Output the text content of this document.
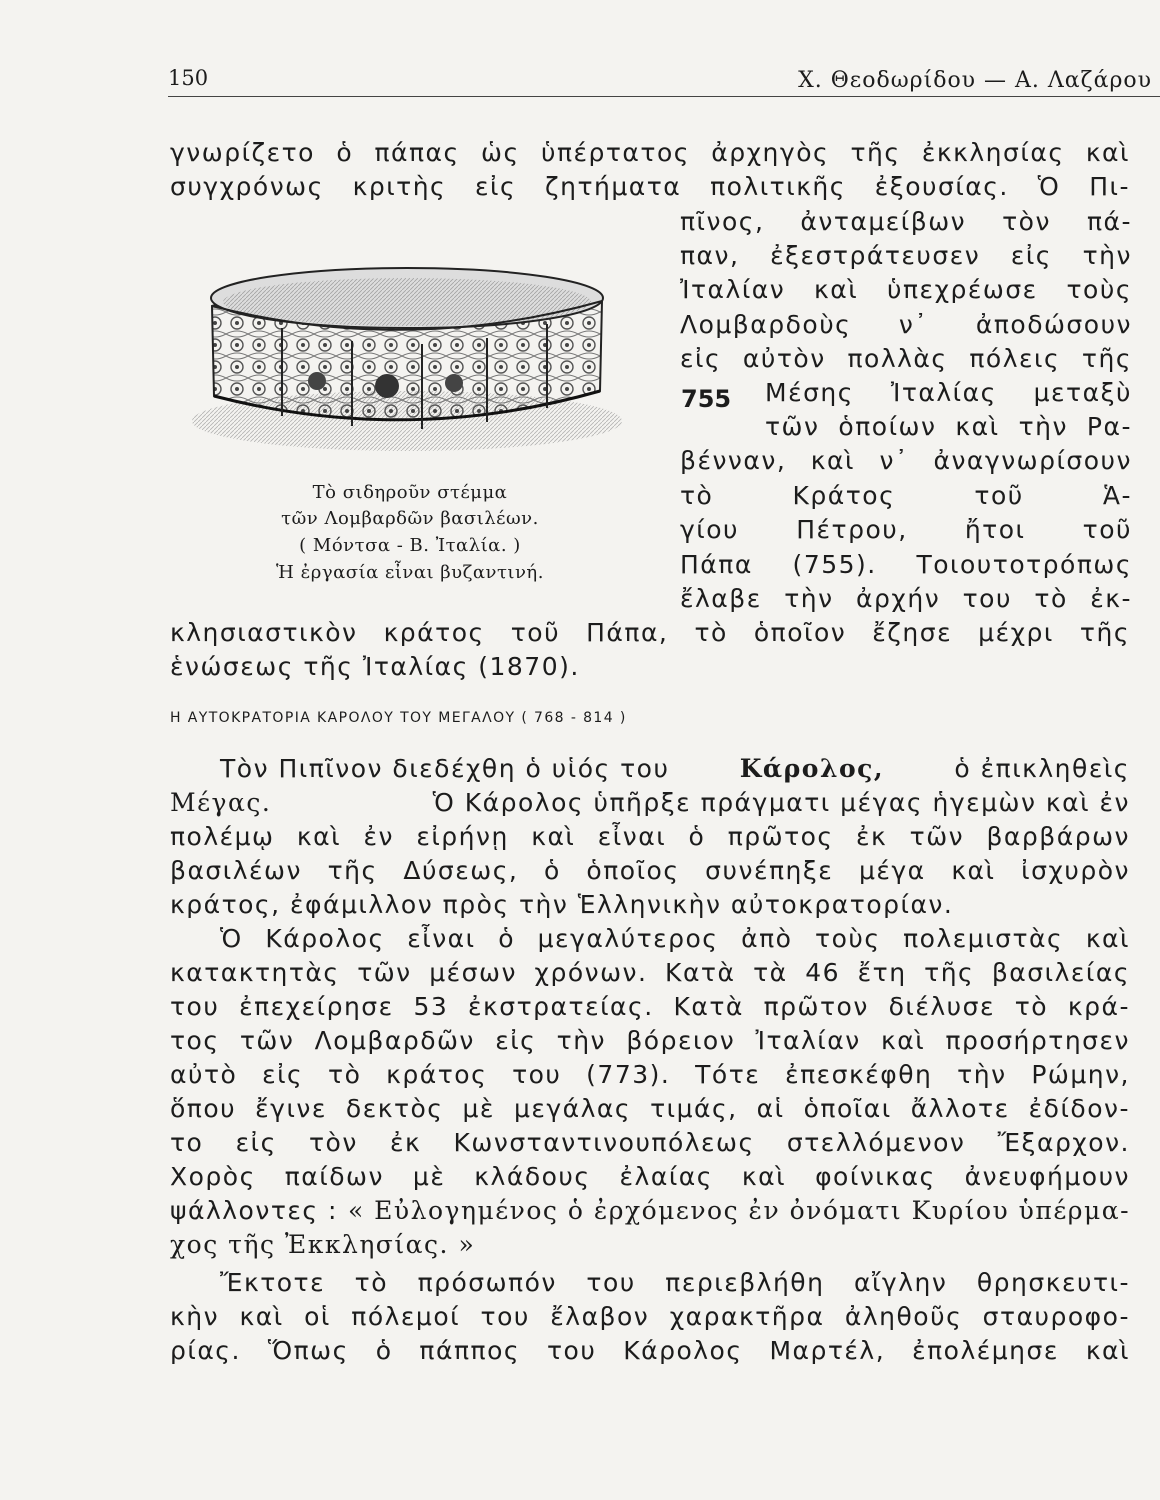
150	Χ. Θεοδωρίδου — Α. Λαζάρου
Τὸ σιδηροῦν στέμμα
τῶν Λομβαρδῶν βασιλέων.
( Μόντσα - Β. Ἰταλία. )
Ἡ ἐργασία εἶναι βυζαντινή.
755
γνωρίζετο ὁ πάπας ὡς ὑπέρτατος ἀρχηγὸς τῆς ἐκκλησίας καὶ
συγχρόνως κριτὴς εἰς ζητήματα πολιτικῆς ἐξουσίας. Ὁ Πι-
πῖνος, ἀνταμείβων τὸν πά-
παν, ἐξεστράτευσεν εἰς τὴν
Ἰταλίαν καὶ ὑπεχρέωσε τοὺς
Λομβαρδοὺς ν᾽ ἀποδώσουν
εἰς αὐτὸν πολλὰς πόλεις τῆς
Μέσης Ἰταλίας μεταξὺ
τῶν ὁποίων καὶ τὴν Ρα-
βένναν, καὶ ν᾽ ἀναγνωρίσουν
τὸ Κράτος τοῦ Ἁ-
γίου Πέτρου, ἤτοι τοῦ
Πάπα (755). Τοιουτοτρόπως
ἔλαβε τὴν ἀρχήν του τὸ ἐκ-
κλησιαστικὸν κράτος τοῦ Πάπα, τὸ ὁποῖον ἔζησε μέχρι τῆς
ἑνώσεως τῆς Ἰταλίας (1870).
Η ΑΥΤΟΚΡΑΤΟΡΙΑ ΚΑΡΟΛΟΥ ΤΟΥ ΜΕΓΑΛΟΥ ( 768 - 814 )
Τὸν Πιπῖνον διεδέχθη ὁ υἱός του	Κάρολος,	ὁ ἐπικληθεὶς
Μέγας.	Ὁ Κάρολος ὑπῆρξε πράγματι μέγας ἡγεμὼν καὶ ἐν
πολέμῳ καὶ ἐν εἰρήνῃ καὶ εἶναι ὁ πρῶτος ἐκ τῶν βαρβάρων
βασιλέων τῆς Δύσεως, ὁ ὁποῖος συνέπηξε μέγα καὶ ἰσχυρὸν
κράτος, ἐφάμιλλον πρὸς τὴν Ἑλληνικὴν αὐτοκρατορίαν.
Ὁ Κάρολος εἶναι ὁ μεγαλύτερος ἀπὸ τοὺς πολεμιστὰς καὶ
κατακτητὰς τῶν μέσων χρόνων. Κατὰ τὰ 46 ἔτη τῆς βασιλείας
του ἐπεχείρησε 53 ἐκστρατείας. Κατὰ πρῶτον διέλυσε τὸ κρά-
τος τῶν Λομβαρδῶν εἰς τὴν βόρειον Ἰταλίαν καὶ προσήρτησεν
αὐτὸ εἰς τὸ κράτος του (773). Τότε ἐπεσκέφθη τὴν Ρώμην,
ὅπου ἔγινε δεκτὸς μὲ μεγάλας τιμάς, αἱ ὁποῖαι ἄλλοτε ἐδίδον-
το εἰς τὸν ἐκ Κωνσταντινουπόλεως στελλόμενον Ἔξαρχον.
Χορὸς παίδων μὲ κλάδους ἐλαίας καὶ φοίνικας ἀνευφήμουν
ψάλλοντες : « Εὐλογημένος ὁ ἐρχόμενος ἐν ὀνόματι Κυρίου ὑπέρμα-
χος τῆς Ἐκκλησίας. »
Ἔκτοτε τὸ πρόσωπόν του περιεβλήθη αἴγλην θρησκευτι-
κὴν καὶ οἱ πόλεμοί του ἔλαβον χαρακτῆρα ἀληθοῦς σταυροφο-
ρίας. Ὅπως ὁ πάππος του Κάρολος Μαρτέλ, ἐπολέμησε καὶ
